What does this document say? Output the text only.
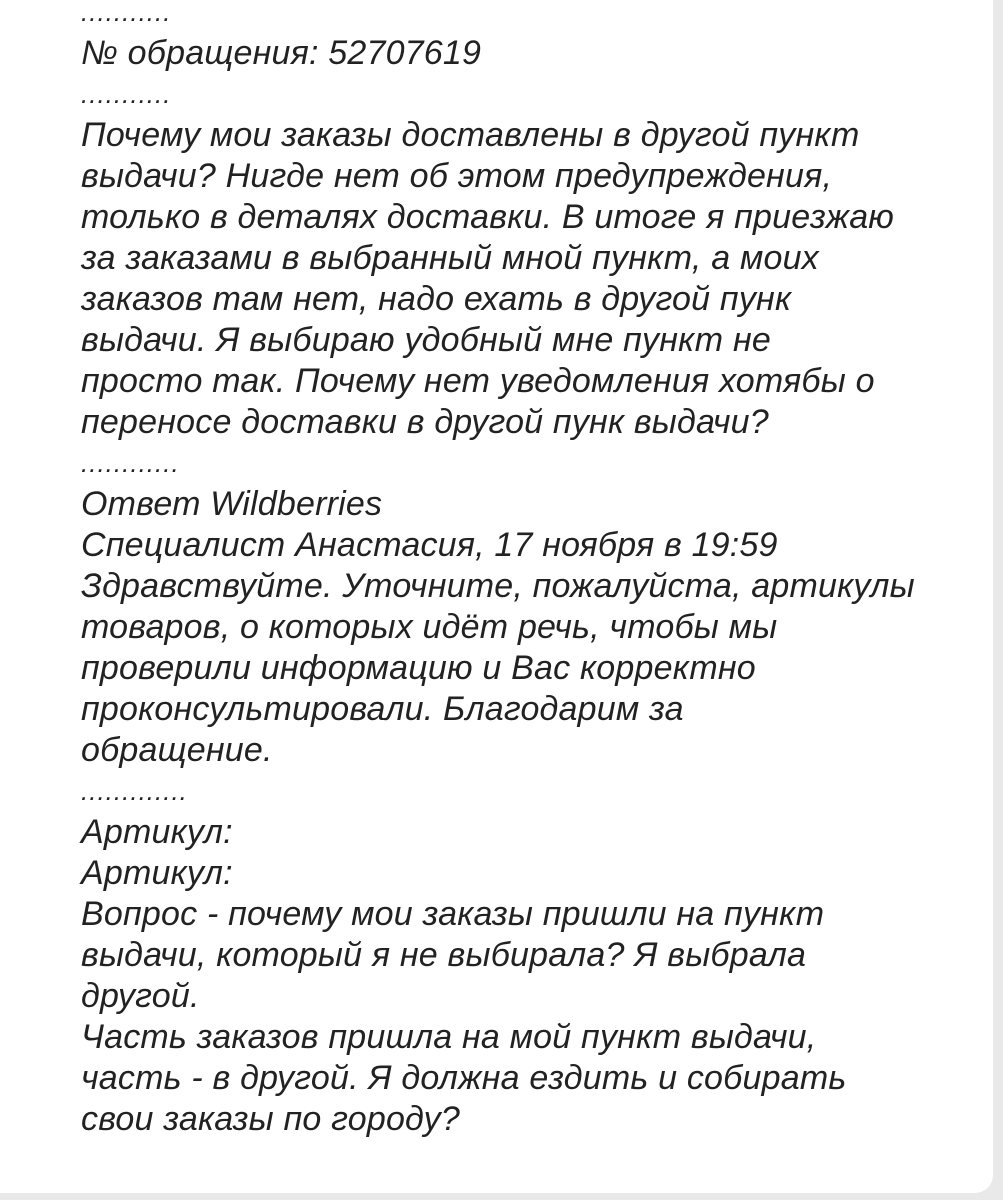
...........
№ обращения: 52707619
...........
Почему мои заказы доставлены в другой пункт
выдачи? Нигде нет об этом предупреждения,
только в деталях доставки. В итоге я приезжаю
за заказами в выбранный мной пункт, а моих
заказов там нет, надо ехать в другой пунк
выдачи. Я выбираю удобный мне пункт не
просто так. Почему нет уведомления хотябы о
переносе доставки в другой пунк выдачи?
............
Ответ Wildberries
Специалист Анастасия, 17 ноября в 19:59
Здравствуйте. Уточните, пожалуйста, артикулы
товаров, о которых идёт речь, чтобы мы
проверили информацию и Вас корректно
проконсультировали. Благодарим за
обращение.
.............
Артикул:
Артикул:
Вопрос - почему мои заказы пришли на пункт
выдачи, который я не выбирала? Я выбрала
другой.
Часть заказов пришла на мой пункт выдачи,
часть - в другой. Я должна ездить и собирать
свои заказы по городу?
